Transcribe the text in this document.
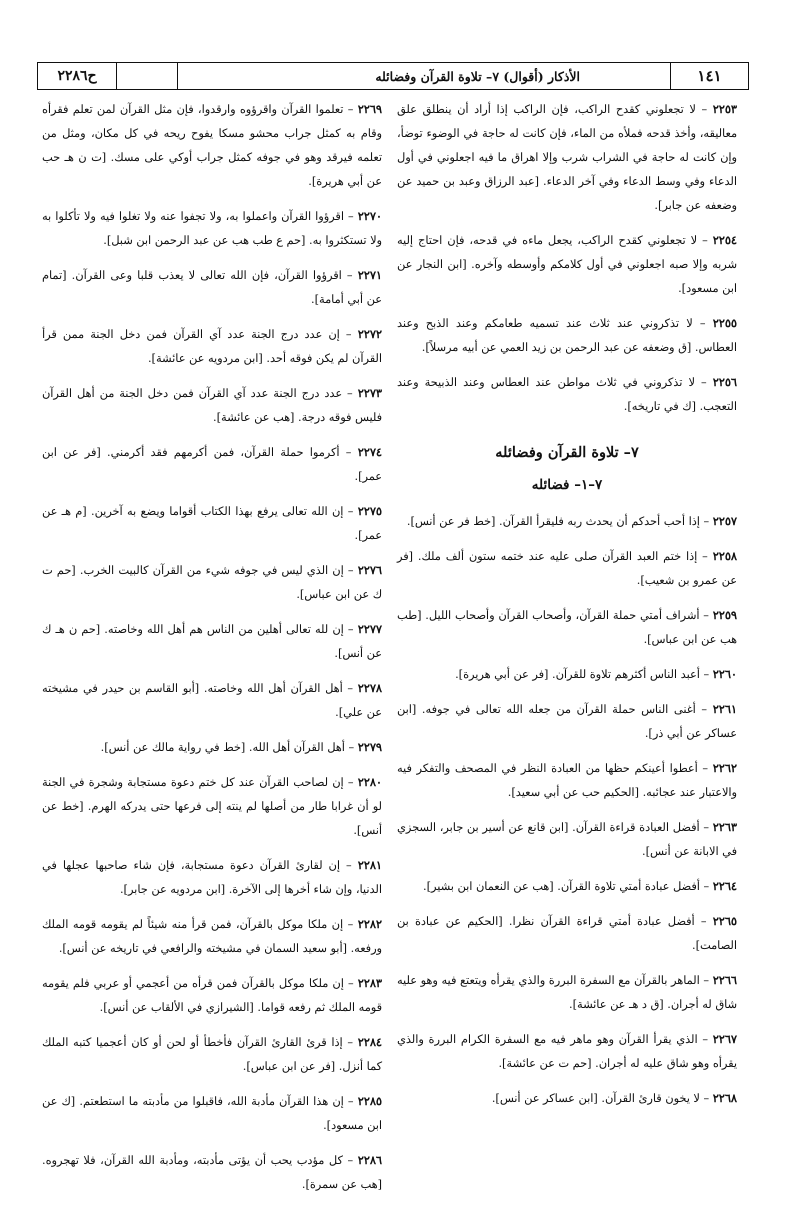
١٤١
الأذكار (أقوال) ٧– تلاوة القرآن وفضائله
ح٢٢٨٦
٢٢٥٣ – لا تجعلوني كقدح الراكب، فإن الراكب إذا أراد أن ينطلق علق معاليقه، وأخذ قدحه فملأه من الماء، فإن كانت له حاجة في الوضوء توضأ، وإن كانت له حاجة في الشراب شرب وإلا اهراق ما فيه اجعلوني في أول الدعاء وفي وسط الدعاء وفي آخر الدعاء. [عبد الرزاق وعبد بن حميد عن وضعفه عن جابر].
٢٢٥٤ – لا تجعلوني كقدح الراكب، يجعل ماءه في قدحه، فإن احتاج إليه شربه وإلا صبه اجعلوني في أول كلامكم وأوسطه وآخره. [ابن النجار عن ابن مسعود].
٢٢٥٥ – لا تذكروني عند ثلاث عند تسميه طعامكم وعند الذبح وعند العطاس. [ق وضعفه عن عبد الرحمن بن زيد العمي عن أبيه مرسلاً].
٢٢٥٦ – لا تذكروني في ثلاث مواطن عند العطاس وعند الذبيحة وعند التعجب. [ك في تاريخه].
٧– تلاوة القرآن وفضائله
٧–١– فضائله
٢٢٥٧ – إذا أحب أحدكم أن يحدث ربه فليقرأ القرآن. [خط فر عن أنس].
٢٢٥٨ – إذا ختم العبد القرآن صلى عليه عند ختمه ستون ألف ملك. [فر عن عمرو بن شعيب].
٢٢٥٩ – أشراف أمتي حملة القرآن، وأصحاب القرآن وأصحاب الليل. [طب هب عن ابن عباس].
٢٢٦٠ – أعبد الناس أكثرهم تلاوة للقرآن. [فر عن أبي هريرة].
٢٢٦١ – أغنى الناس حملة القرآن من جعله الله تعالى في جوفه. [ابن عساكر عن أبي ذر].
٢٢٦٢ – أعطوا أعينكم حظها من العبادة النظر في المصحف والتفكر فيه والاعتبار عند عجائبه. [الحكيم حب عن أبي سعيد].
٢٢٦٣ – أفضل العبادة قراءة القرآن. [ابن قانع عن أسير بن جابر، السجزي في الابانة عن أنس].
٢٢٦٤ – أفضل عبادة أمتي تلاوة القرآن. [هب عن النعمان ابن بشير].
٢٢٦٥ – أفضل عبادة أمتي قراءة القرآن نظرا. [الحكيم عن عبادة بن الصامت].
٢٢٦٦ – الماهر بالقرآن مع السفرة البررة والذي يقرأه ويتعتع فيه وهو عليه شاق له أجران. [ق د هـ عن عائشة].
٢٢٦٧ – الذي يقرأ القرآن وهو ماهر فيه مع السفرة الكرام البررة والذي يقرأه وهو شاق عليه له أجران. [حم ت عن عائشة].
٢٢٦٨ – لا يخون قارئ القرآن. [ابن عساكر عن أنس].
٢٢٦٩ – تعلموا القرآن واقرؤوه وارقدوا، فإن مثل القرآن لمن تعلم فقرأه وقام به كمثل جراب محشو مسكا يفوح ريحه في كل مكان، ومثل من تعلمه فيرقد وهو في جوفه كمثل جراب أوكي على مسك. [ت ن هـ حب عن أبي هريرة].
٢٢٧٠ – اقرؤوا القرآن واعملوا به، ولا تجفوا عنه ولا تغلوا فيه ولا تأكلوا به ولا تستكثروا به. [حم ع طب هب عن عبد الرحمن ابن شبل].
٢٢٧١ – اقرؤوا القرآن، فإن الله تعالى لا يعذب قلبا وعى القرآن. [تمام عن أبي أمامة].
٢٢٧٢ – إن عدد درج الجنة عدد آي القرآن فمن دخل الجنة ممن قرأ القرآن لم يكن فوقه أحد. [ابن مردويه عن عائشة].
٢٢٧٣ – عدد درج الجنة عدد آي القرآن فمن دخل الجنة من أهل القرآن فليس فوقه درجة. [هب عن عائشة].
٢٢٧٤ – أكرموا حملة القرآن، فمن أكرمهم فقد أكرمني. [فر عن ابن عمر].
٢٢٧٥ – إن الله تعالى يرفع بهذا الكتاب أقواما ويضع به آخرين. [م هـ عن عمر].
٢٢٧٦ – إن الذي ليس في جوفه شيء من القرآن كالبيت الخرب. [حم ت ك عن ابن عباس].
٢٢٧٧ – إن لله تعالى أهلين من الناس هم أهل الله وخاصته. [حم ن هـ ك عن أنس].
٢٢٧٨ – أهل القرآن أهل الله وخاصته. [أبو القاسم بن حيدر في مشيخته عن علي].
٢٢٧٩ – أهل القرآن أهل الله. [خط في رواية مالك عن أنس].
٢٢٨٠ – إن لصاحب القرآن عند كل ختم دعوة مستجابة وشجرة في الجنة لو أن غرابا طار من أصلها لم ينته إلى فرعها حتى يدركه الهرم. [خط عن أنس].
٢٢٨١ – إن لقارئ القرآن دعوة مستجابة، فإن شاء صاحبها عجلها في الدنيا، وإن شاء أخرها إلى الآخرة. [ابن مردويه عن جابر].
٢٢٨٢ – إن ملكا موكل بالقرآن، فمن قرأ منه شيئاً لم يقومه قومه الملك ورفعه. [أبو سعيد السمان في مشيخته والرافعي في تاريخه عن أنس].
٢٢٨٣ – إن ملكا موكل بالقرآن فمن قرأه من أعجمي أو عربي فلم يقومه قومه الملك ثم رفعه قواما. [الشيرازي في الألقاب عن أنس].
٢٢٨٤ – إذا قرئ القارئ القرآن فأخطأ أو لحن أو كان أعجميا كتبه الملك كما أنزل. [فر عن ابن عباس].
٢٢٨٥ – إن هذا القرآن مأدبة الله، فاقبلوا من مأدبته ما استطعتم. [ك عن ابن مسعود].
٢٢٨٦ – كل مؤدب يحب أن يؤتى مأدبته، ومأدبة الله القرآن، فلا تهجروه. [هب عن سمرة].
